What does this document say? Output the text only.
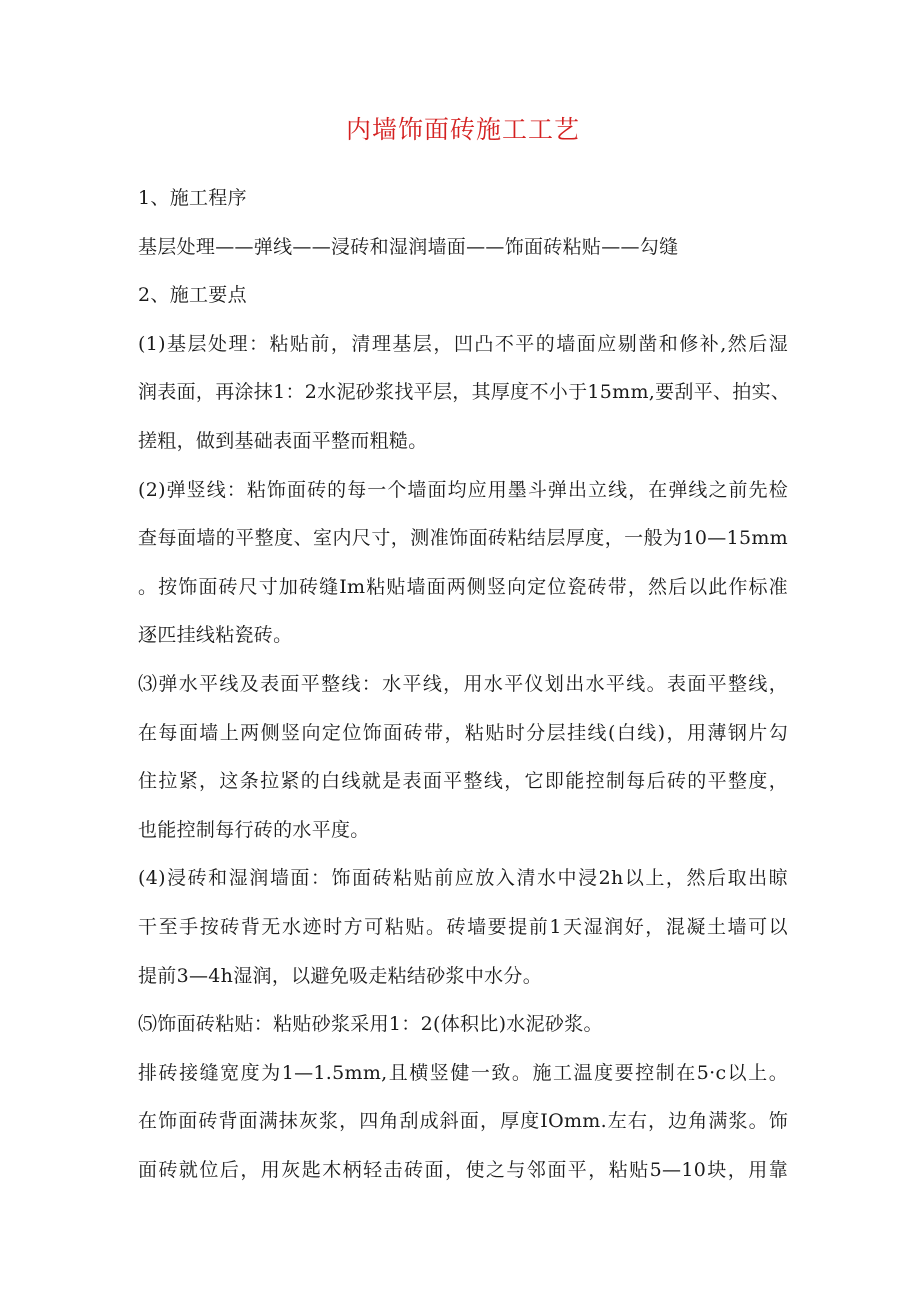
内墙饰面砖施工工艺

1、施工程序

基层处理——弹线——浸砖和湿润墙面——饰面砖粘贴——勾缝

2、施工要点

(1)基层处理：粘贴前，清理基层，凹凸不平的墙面应剔凿和修补,然后湿

润表面，再涂抹1：2水泥砂浆找平层，其厚度不小于15mm,要刮平、拍实、

搓粗，做到基础表面平整而粗糙。

(2)弹竖线：粘饰面砖的每一个墙面均应用墨斗弹出立线，在弹线之前先检

查每面墙的平整度、室内尺寸，测准饰面砖粘结层厚度，一般为10—15mm

。按饰面砖尺寸加砖缝Im粘贴墙面两侧竖向定位瓷砖带，然后以此作标准

逐匹挂线粘瓷砖。

⑶弹水平线及表面平整线：水平线，用水平仪划出水平线。表面平整线，

在每面墙上两侧竖向定位饰面砖带，粘贴时分层挂线(白线)，用薄钢片勾

住拉紧，这条拉紧的白线就是表面平整线，它即能控制每后砖的平整度，

也能控制每行砖的水平度。

(4)浸砖和湿润墙面：饰面砖粘贴前应放入清水中浸2h以上，然后取出晾

干至手按砖背无水迹时方可粘贴。砖墙要提前1天湿润好，混凝土墙可以

提前3—4h湿润，以避免吸走粘结砂浆中水分。

⑸饰面砖粘贴：粘贴砂浆采用1：2(体积比)水泥砂浆。

排砖接缝宽度为1—1.5mm,且横竖健一致。施工温度要控制在5·c以上。

在饰面砖背面满抹灰浆，四角刮成斜面，厚度IOmm.左右，边角满浆。饰

面砖就位后，用灰匙木柄轻击砖面，使之与邻面平，粘贴5—10块，用靠
